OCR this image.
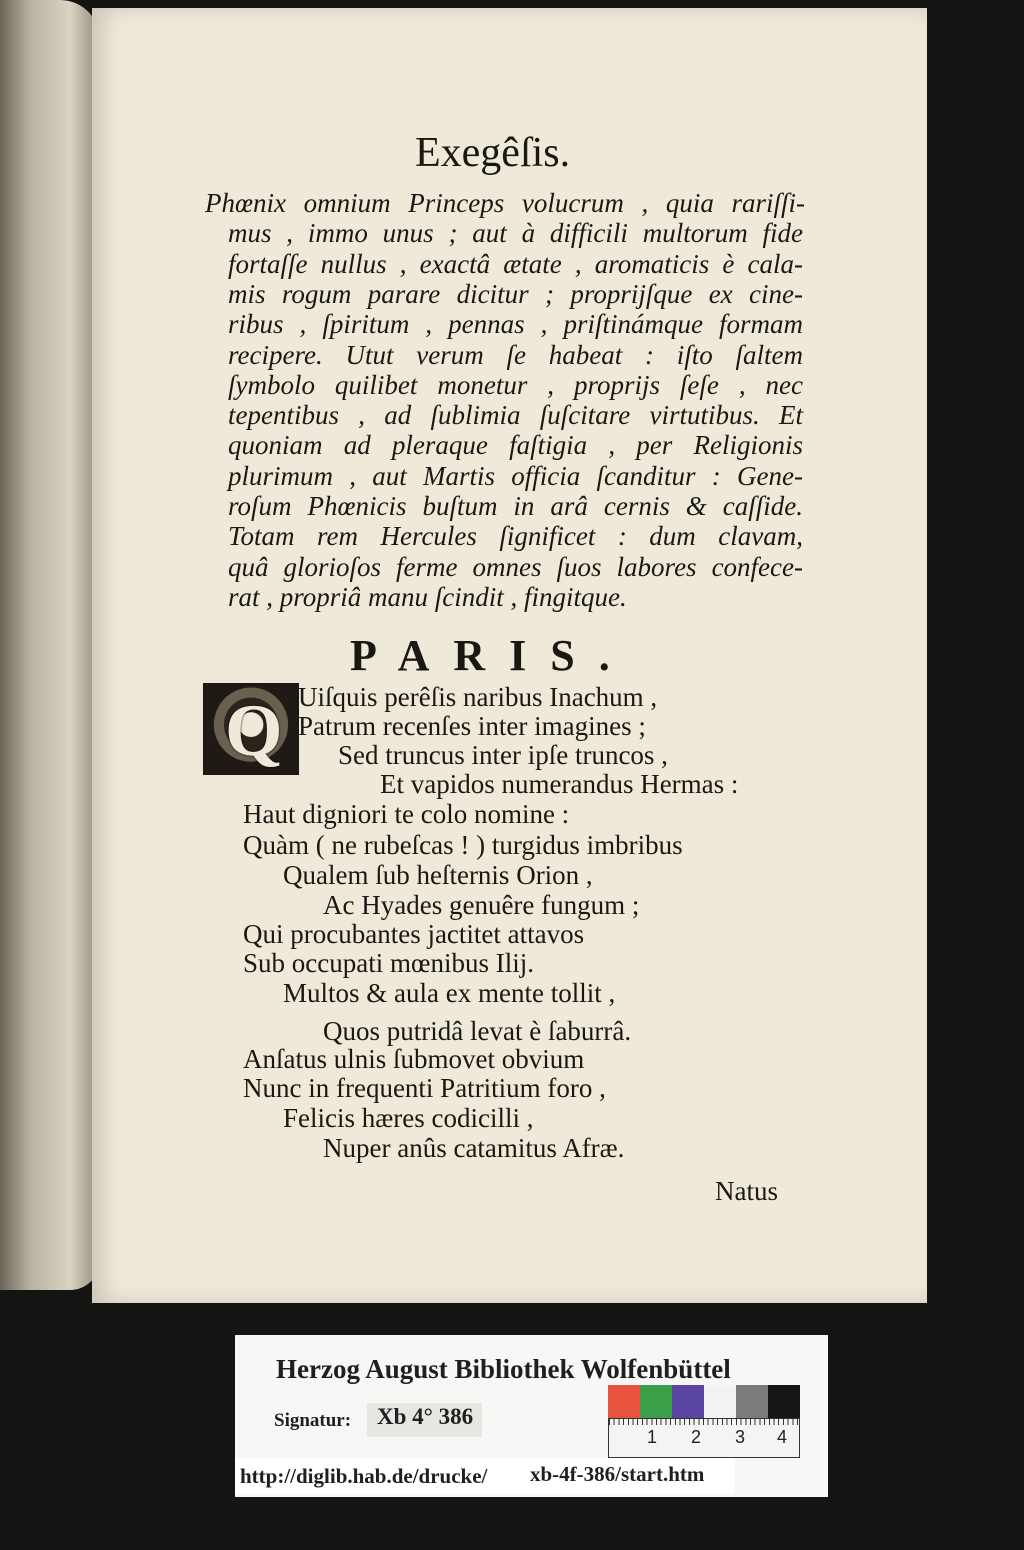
Exegêſis.
Phœnix omnium Princeps volucrum , quia rariſſi-
mus , immo unus ; aut à difficili multorum fide
fortaſſe nullus , exactâ ætate , aromaticis è cala-
mis rogum parare dicitur ; proprijſque ex cine-
ribus , ſpiritum , pennas , priſtinámque formam
recipere. Utut verum ſe habeat : iſto ſaltem
ſymbolo quilibet monetur , proprijs ſeſe , nec
tepentibus , ad ſublimia ſuſcitare virtutibus. Et
quoniam ad pleraque faſtigia , per Religionis
plurimum , aut Martis officia ſcanditur : Gene-
roſum Phœnicis buſtum in arâ cernis & caſſide.
Totam rem Hercules ſignificet : dum clavam,
quâ glorioſos ferme omnes ſuos labores confece-
rat , propriâ manu ſcindit , fingitque.
PARIS.
Q Uiſquis perêſis naribus Inachum ,
Patrum recenſes inter imagines ;
Sed truncus inter ipſe truncos ,
Et vapidos numerandus Hermas :
Haut digniori te colo nomine :
Quàm ( ne rubeſcas ! ) turgidus imbribus
Qualem ſub heſternis Orion ,
Ac Hyades genuêre fungum ;
Qui procubantes jactitet attavos
Sub occupati mœnibus Ilij.
Multos & aula ex mente tollit ,
Quos putridâ levat è ſaburrâ.
Anſatus ulnis ſubmovet obvium
Nunc in frequenti Patritium foro ,
Felicis hæres codicilli ,
Nuper anûs catamitus Afræ.
Natus
Herzog August Bibliothek Wolfenbüttel
Signatur: Xb 4° 386
1 2 3 4
http://diglib.hab.de/drucke/ xb-4f-386/start.htm
